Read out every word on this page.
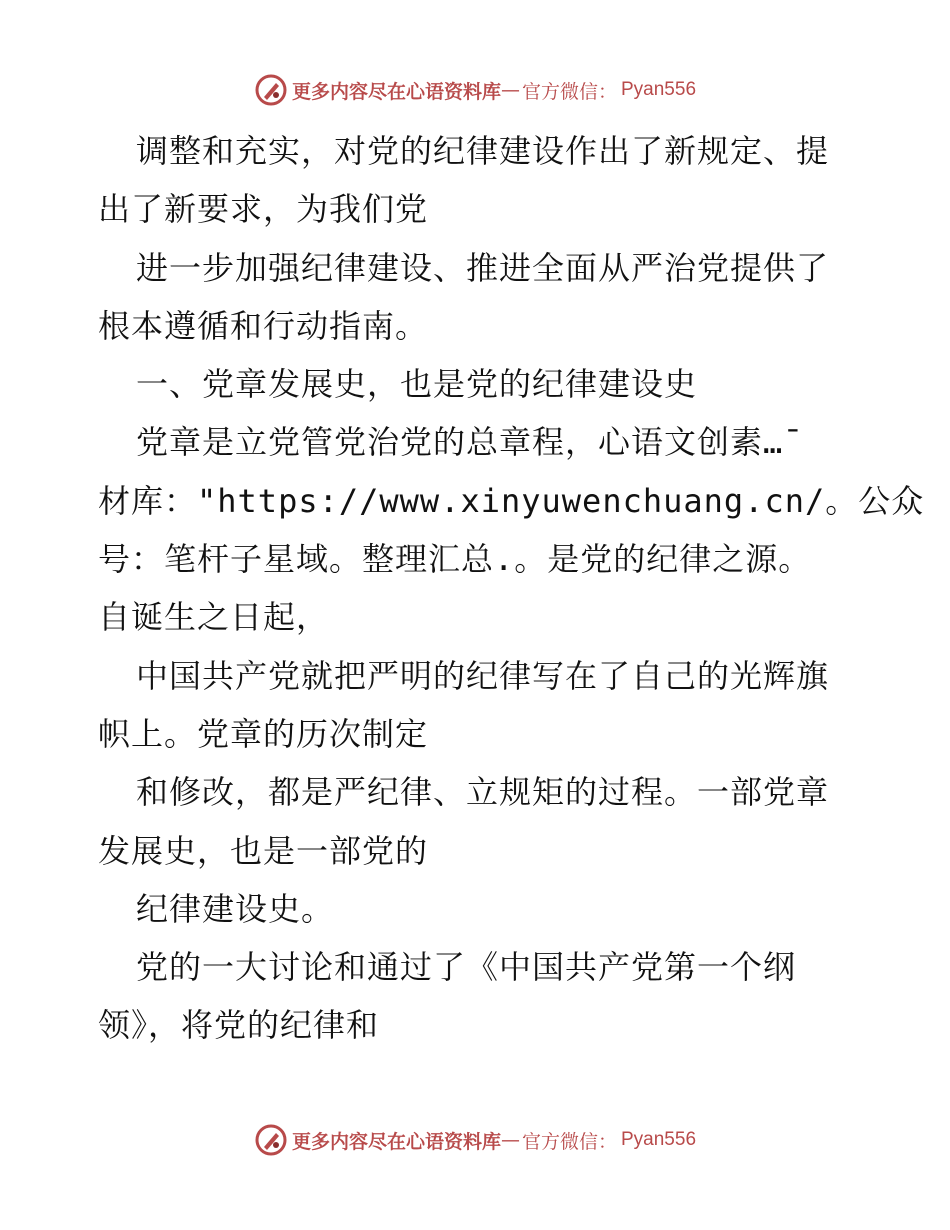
更多内容尽在心语资料库 — 官方微信： Pyan556

调整和充实，对党的纪律建设作出了新规定、提

出了新要求，为我们党

进一步加强纪律建设、推进全面从严治党提供了

根本遵循和行动指南。

一、党章发展史，也是党的纪律建设史

党章是立党管党治党的总章程，心语文创素…¯

材库："https://www.xinyuwenchuang.cn/。公众

号：笔杆子星域。整理汇总.。是党的纪律之源。

自诞生之日起，

中国共产党就把严明的纪律写在了自己的光辉旗

帜上。党章的历次制定

和修改，都是严纪律、立规矩的过程。一部党章

发展史，也是一部党的

纪律建设史。

党的一大讨论和通过了《中国共产党第一个纲

领》，将党的纪律和

更多内容尽在心语资料库 — 官方微信： Pyan556
